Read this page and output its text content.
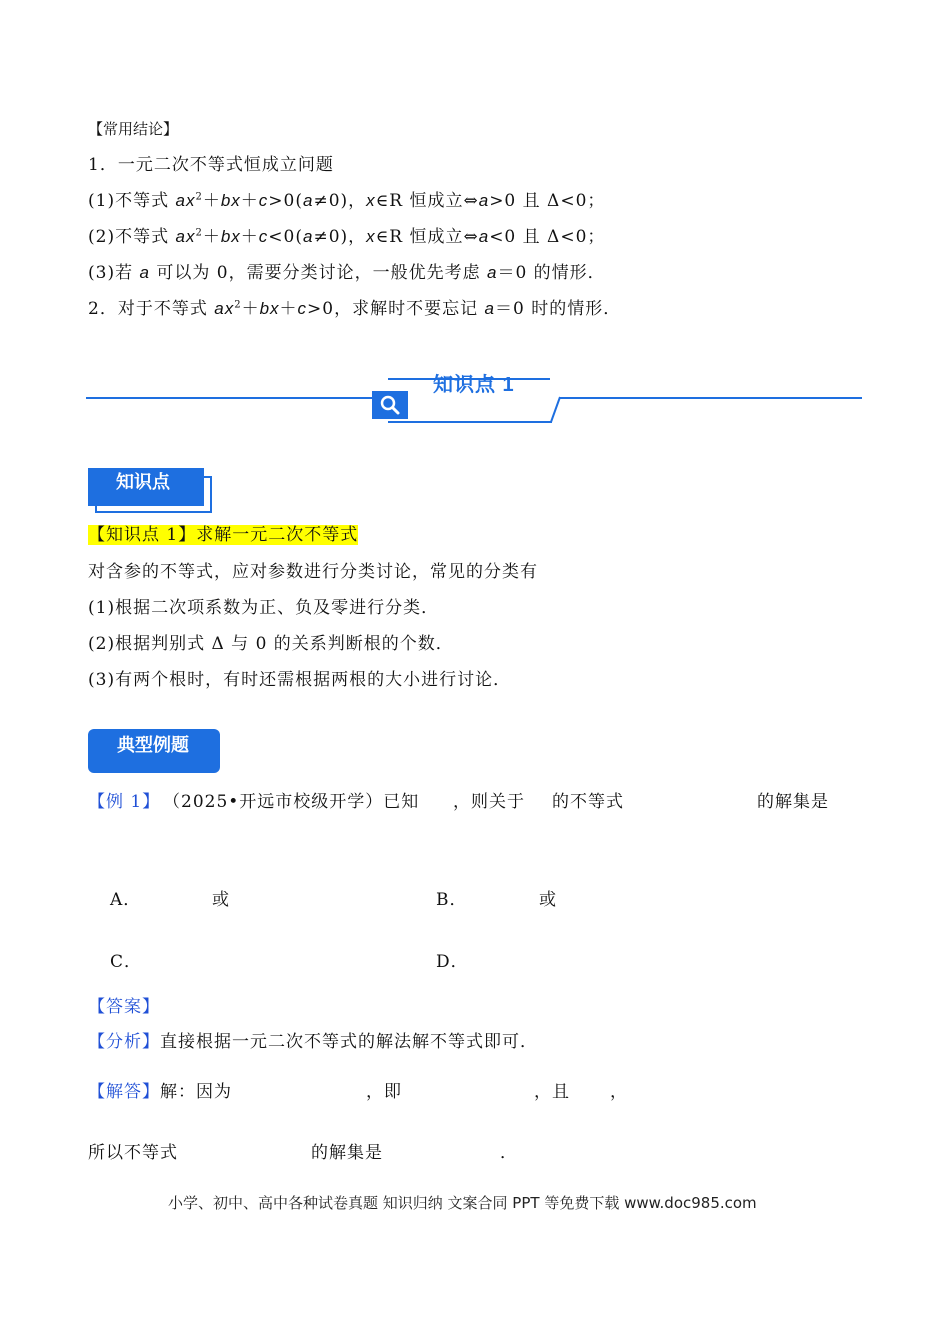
【常用结论】
1．一元二次不等式恒成立问题
(1)不等式 $ax^2+bx+c>0(a\ne 0)$，x∈R 恒成立⇔a>0 且 Δ<0；
(2)不等式 $ax^2+bx+c<0(a\ne 0)$，x∈R 恒成立⇔a<0 且 Δ<0；
(3)若 a 可以为 0，需要分类讨论，一般优先考虑 a＝0 的情形．
2．对于不等式 $ax^2+bx+c>0$，求解时不要忘记 a＝0 时的情形．
知识点 1
知识点
【知识点 1】求解一元二次不等式
对含参的不等式，应对参数进行分类讨论，常见的分类有
(1)根据二次项系数为正、负及零进行分类．
(2)根据判别式 Δ 与 0 的关系判断根的个数．
(3)有两个根时，有时还需根据两根的大小进行讨论．
典型例题
【例 1】 （2025•开远市校级开学）已知 ，则关于 的不等式	的解集是
A．	或	B．	或
C．	D．
【答案】
【分析】直接根据一元二次不等式的解法解不等式即可．
【解答】解：因为	，即	，且 ，
所以不等式	的解集是	．
小学、初中、高中各种试卷真题 知识归纳 文案合同 PPT 等免费下载 www.doc985.com
